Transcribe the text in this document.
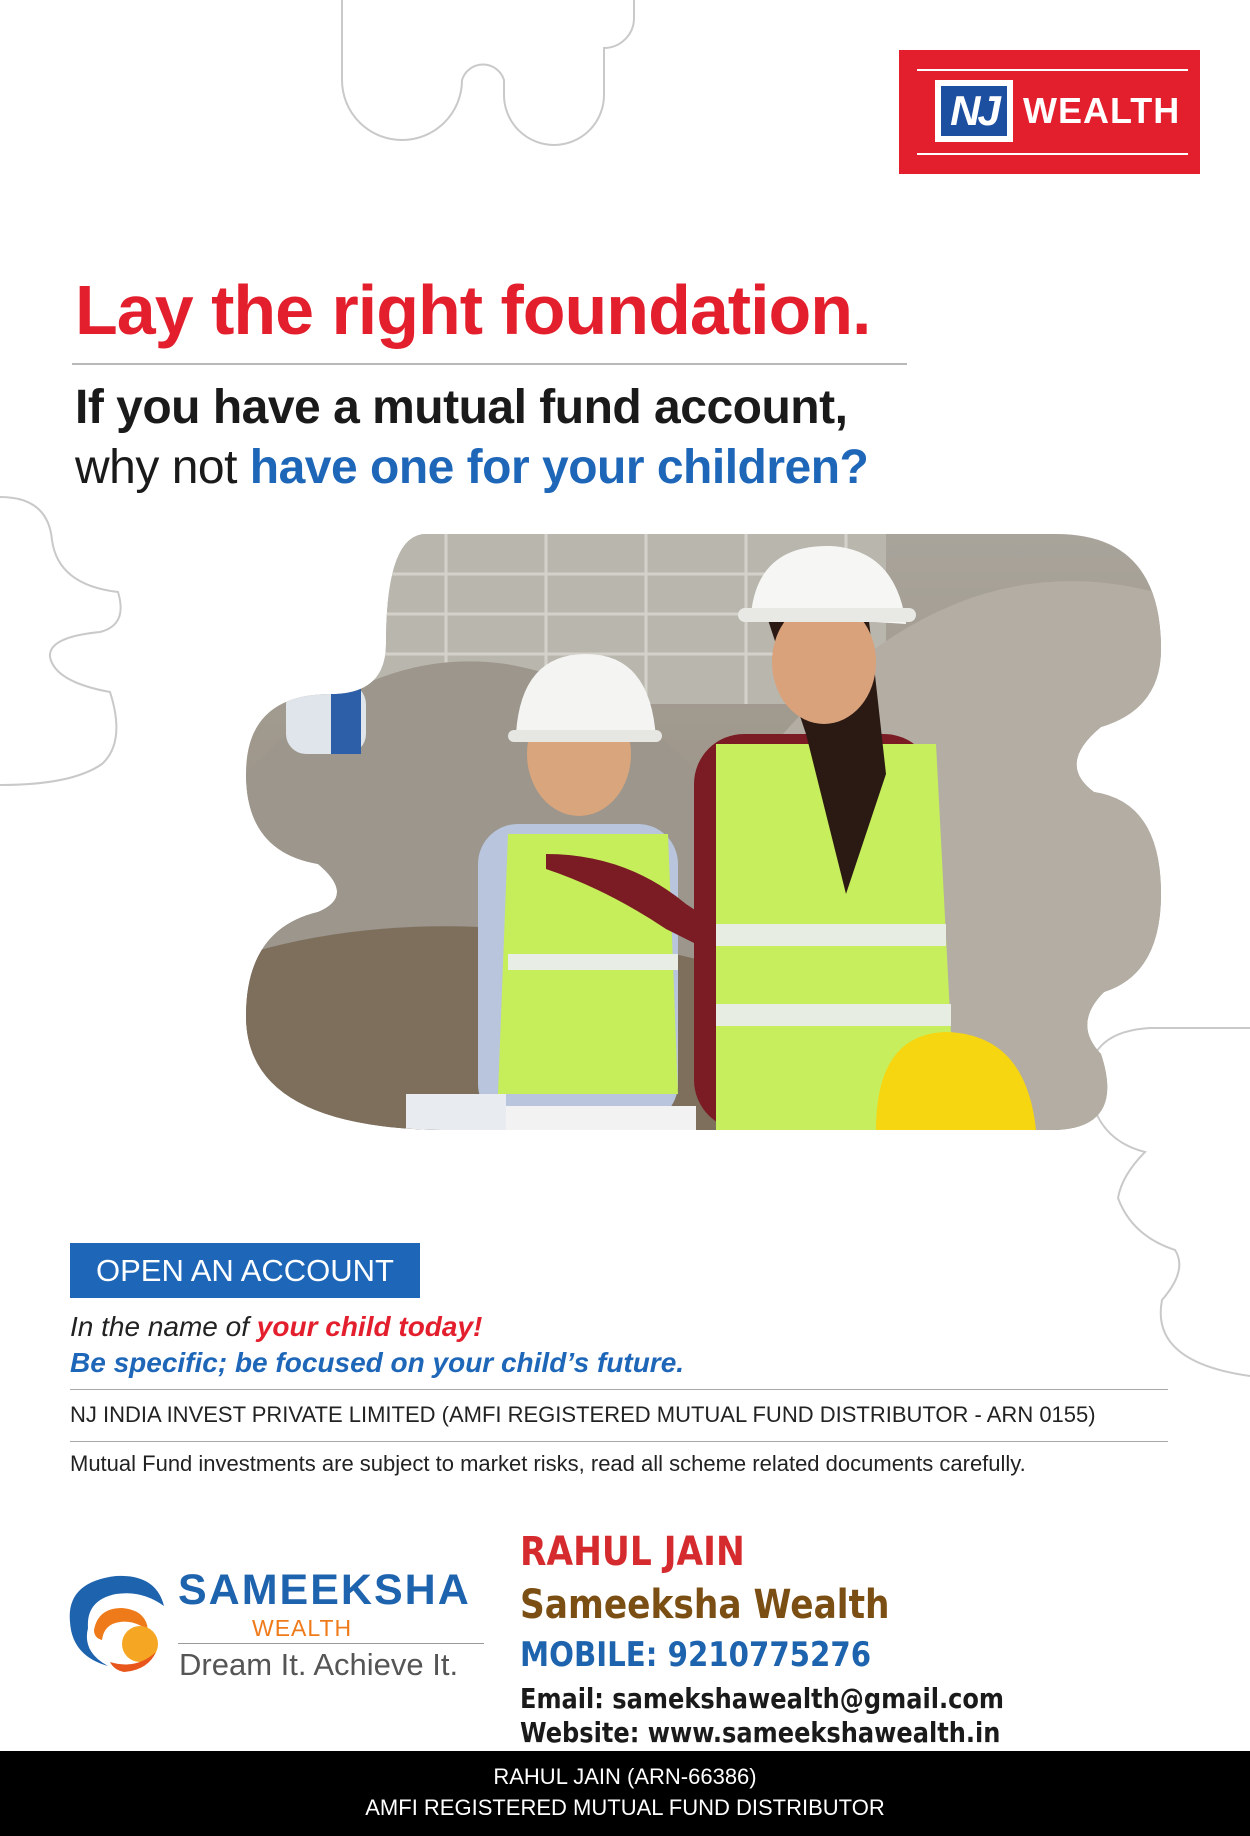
NJ WEALTH
Lay the right foundation.
If you have a mutual fund account,
why not have one for your children?
OPEN AN ACCOUNT
In the name of your child today!
Be specific; be focused on your child’s future.
NJ INDIA INVEST PRIVATE LIMITED (AMFI REGISTERED MUTUAL FUND DISTRIBUTOR - ARN 0155)
Mutual Fund investments are subject to market risks, read all scheme related documents carefully.
SAMEEKSHA
WEALTH
Dream It. Achieve It.
RAHUL JAIN
Sameeksha Wealth
MOBILE: 9210775276
Email: samekshawealth@gmail.com
Website: www.sameekshawealth.in
RAHUL JAIN (ARN-66386)
AMFI REGISTERED MUTUAL FUND DISTRIBUTOR
